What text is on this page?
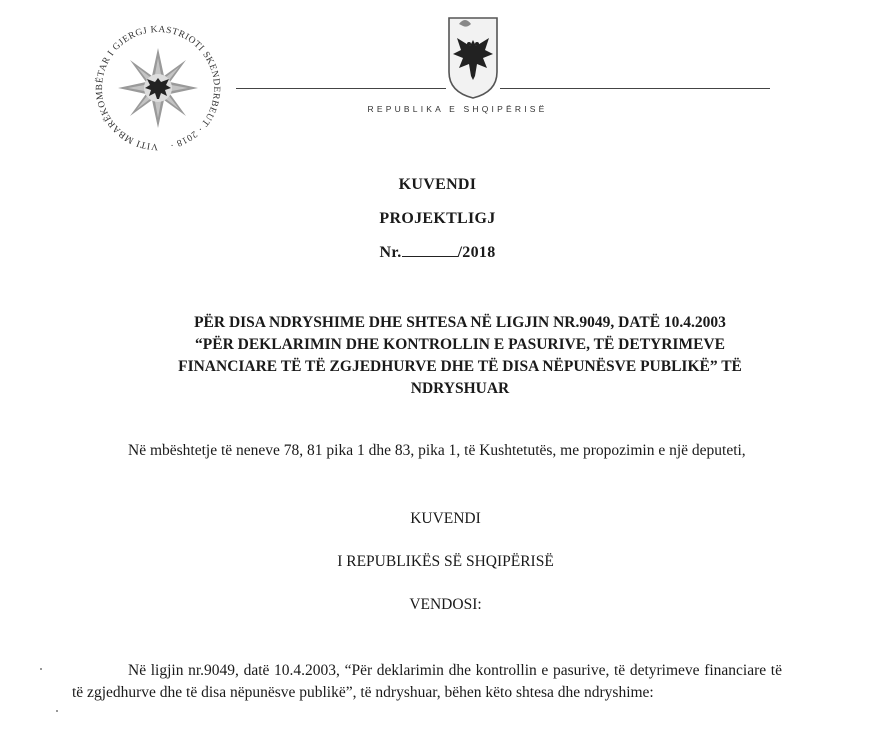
VITI MBARËKOMBËTAR I GJERGJ KASTRIOTI SKENDERBEUT · 2018 ·
REPUBLIKA E SHQIPËRISË
KUVENDI
PROJEKTLIGJ
Nr.	/2018
PËR DISA NDRYSHIME DHE SHTESA NË LIGJIN NR.9049, DATË 10.4.2003
“PËR DEKLARIMIN DHE KONTROLLIN E PASURIVE, TË DETYRIMEVE
FINANCIARE TË TË ZGJEDHURVE DHE TË DISA NËPUNËSVE PUBLIKË” TË
NDRYSHUAR
Në mbështetje të neneve 78, 81 pika 1 dhe 83, pika 1, të Kushtetutës, me propozimin e një deputeti,
KUVENDI
I REPUBLIKËS SË SHQIPËRISË
VENDOSI:
Në ligjin nr.9049, datë 10.4.2003, “Për deklarimin dhe kontrollin e pasurive, të detyrimeve financiare të të zgjedhurve dhe të disa nëpunësve publikë”, të ndryshuar, bëhen këto shtesa dhe ndryshime:
